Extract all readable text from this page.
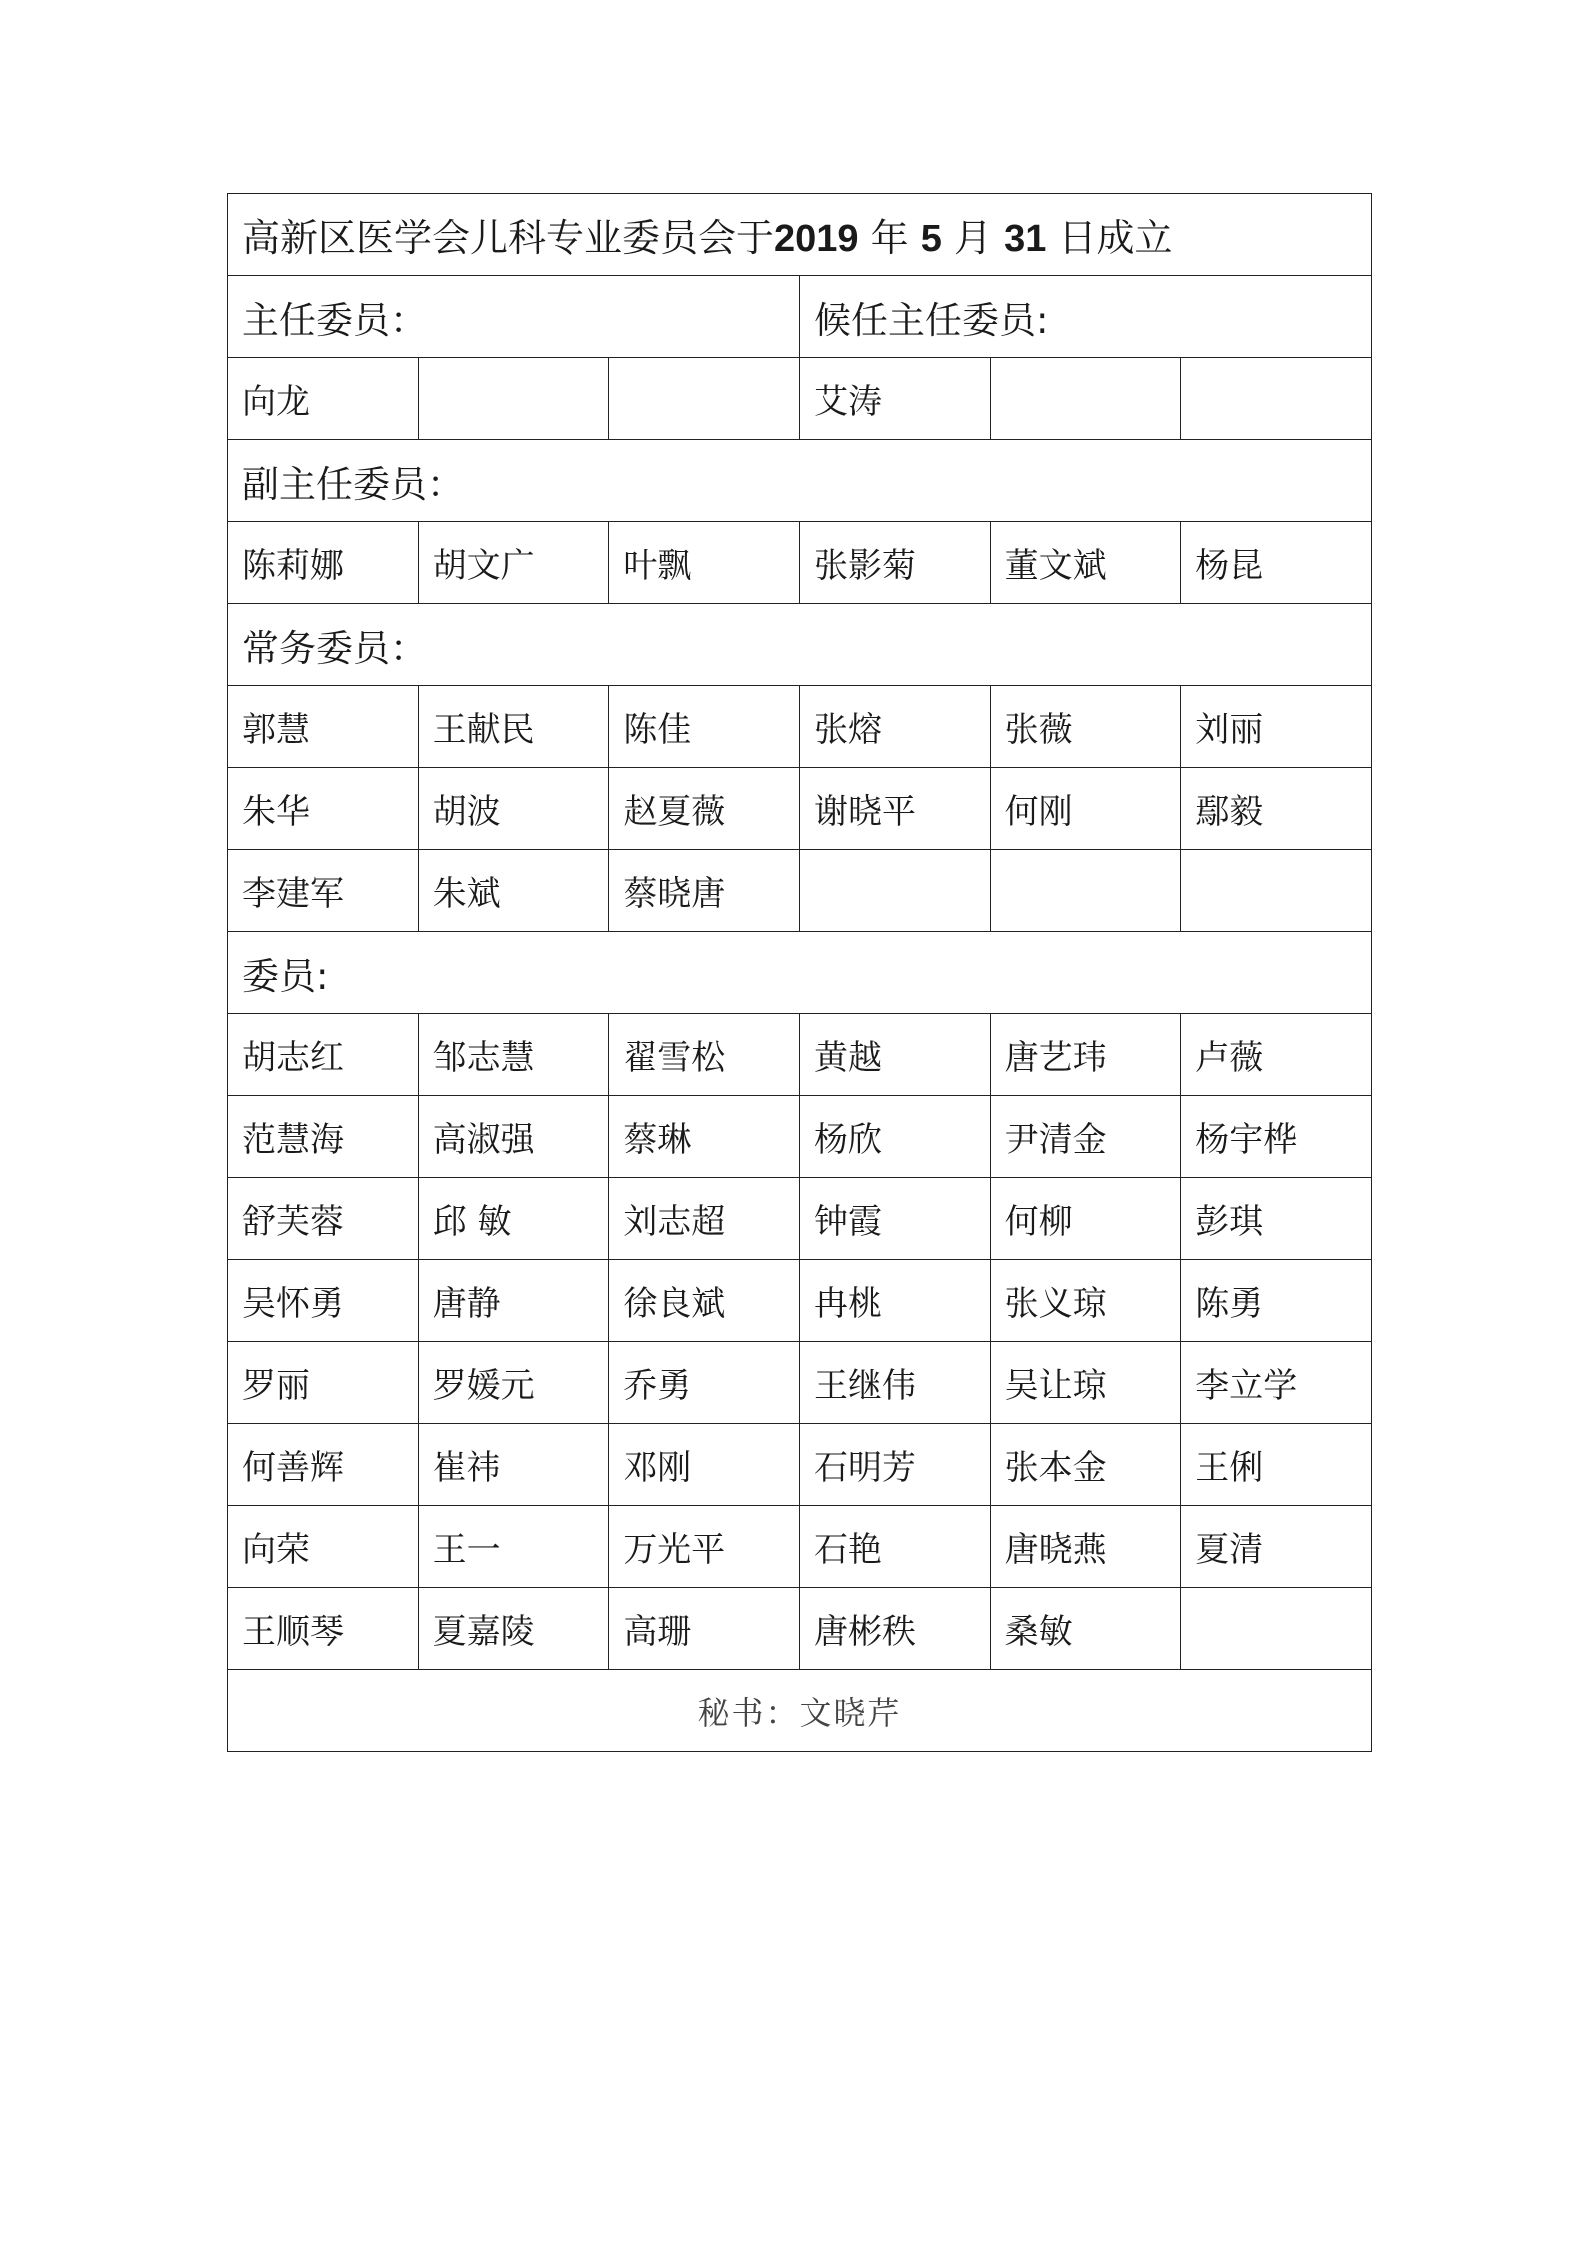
高新区医学会儿科专业委员会于2019 年 5 月 31 日成立					
主任委员：			候任主任委员:		
向龙			艾涛		
副主任委员：					
陈莉娜	胡文广	叶飘	张影菊	董文斌	杨昆
常务委员：					
郭慧	王献民	陈佳	张熔	张薇	刘丽
朱华	胡波	赵夏薇	谢晓平	何刚	鄢毅
李建军	朱斌	蔡晓唐			
委员:					
胡志红	邹志慧	翟雪松	黄越	唐艺玮	卢薇
范慧海	高淑强	蔡琳	杨欣	尹清金	杨宇桦
舒芙蓉	邱 敏	刘志超	钟霞	何柳	彭琪
吴怀勇	唐静	徐良斌	冉桃	张义琼	陈勇
罗丽	罗媛元	乔勇	王继伟	吴让琼	李立学
何善辉	崔祎	邓刚	石明芳	张本金	王俐
向荣	王一	万光平	石艳	唐晓燕	夏清
王顺琴	夏嘉陵	高珊	唐彬秩	桑敏	
秘书：文晓芹					
